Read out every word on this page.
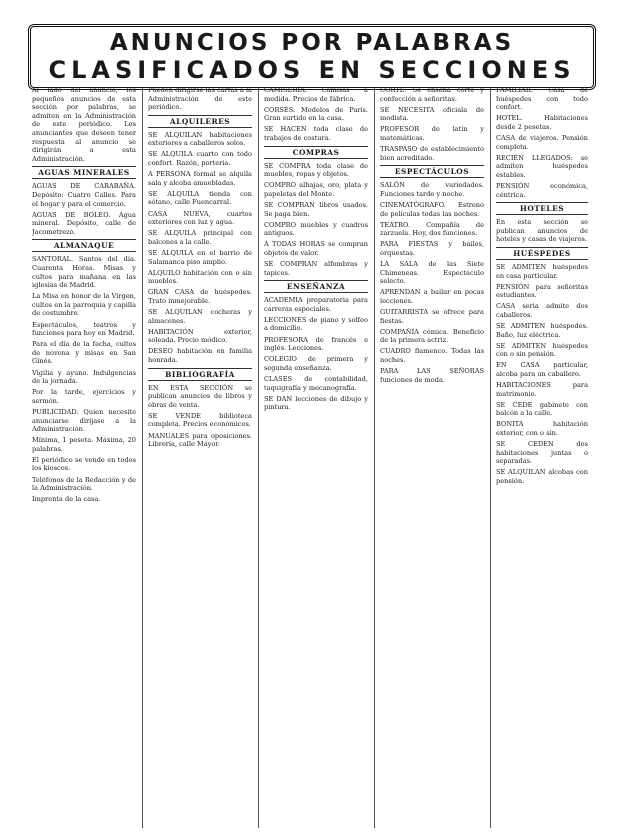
ANUNCIOS POR PALABRAS
CLASIFICADOS EN SECCIONES
Al lado del anuncio, los pequeños anuncios de esta sección por palabras, se admiten en la Administración de este periódico. Los anunciantes que deseen tener respuesta al anuncio se dirigirán a esta Administración.
AGUAS MINERALES
AGUAS DE CARABAÑA. Depósito: Cuatro Calles. Para el hogar y para el comercio.
AGUAS DE BOLEO. Agua mineral. Depósito, calle de Jacometrezo.
ALMANAQUE
SANTORAL. Santos del día. Cuarenta Horas. Misas y cultos para mañana en las iglesias de Madrid.
La Misa en honor de la Virgen, cultos en la parroquia y capilla de costumbre.
Espectáculos, teatros y funciones para hoy en Madrid.
Para el día de la fecha, cultos de novena y misas en San Ginés.
Vigilia y ayuno. Indulgencias de la jornada.
Por la tarde, ejercicios y sermón.
PUBLICIDAD. Quien necesite anunciarse diríjase a la Administración.
Mínima, 1 peseta. Máxima, 20 palabras.
El periódico se vende en todos los kioscos.
Teléfonos de la Redacción y de la Administración.
Imprenta de la casa.
Pueden dirigirse las cartas a la Administración de este periódico.
ALQUILERES
SE ALQUILAN habitaciones exteriores a caballeros solos.
SE ALQUILA cuarto con todo confort. Razón, portería.
A PERSONA formal se alquila sala y alcoba amuebladas.
SE ALQUILA tienda con sótano, calle Fuencarral.
CASA NUEVA, cuartos exteriores con luz y agua.
SE ALQUILA principal con balcones a la calle.
SE ALQUILA en el barrio de Salamanca piso amplio.
ALQUILO habitación con o sin muebles.
GRAN CASA de huéspedes. Trato inmejorable.
SE ALQUILAN cocheras y almacenes.
HABITACIÓN exterior, soleada. Precio módico.
DESEO habitación en familia honrada.
BIBLIOGRAFÍA
EN ESTA SECCIÓN se publican anuncios de libros y obras de venta.
SE VENDE biblioteca completa. Precios económicos.
MANUALES para oposiciones. Librería, calle Mayor.
CAMISERÍA. Camisas a medida. Precios de fábrica.
CORSÉS. Modelos de París. Gran surtido en la casa.
SE HACEN toda clase de trabajos de costura.
COMPRAS
SE COMPRA toda clase de muebles, ropas y objetos.
COMPRO alhajas, oro, plata y papeletas del Monte.
SE COMPRAN libros usados. Se paga bien.
COMPRO muebles y cuadros antiguos.
A TODAS HORAS se compran objetos de valor.
SE COMPRAN alfombras y tapices.
ENSEÑANZA
ACADEMIA preparatoria para carreras especiales.
LECCIONES de piano y solfeo a domicilio.
PROFESORA de francés e inglés. Lecciones.
COLEGIO de primera y segunda enseñanza.
CLASES de contabilidad, taquigrafía y mecanografía.
SE DAN lecciones de dibujo y pintura.
CORTE. Se enseña corte y confección a señoritas.
SE NECESITA oficiala de modista.
PROFESOR de latín y matemáticas.
TRASPASO de establecimiento bien acreditado.
ESPECTÁCULOS
SALÓN de variedades. Funciones tarde y noche.
CINEMATÓGRAFO. Estreno de películas todas las noches.
TEATRO. Compañía de zarzuela. Hoy, dos funciones.
PARA FIESTAS y bailes, orquestas.
LA SALA de las Siete Chimeneas. Espectáculo selecto.
APRENDAN a bailar en pocas lecciones.
GUITARRISTA se ofrece para fiestas.
COMPAÑÍA cómica. Beneficio de la primera actriz.
CUADRO flamenco. Todas las noches.
PARA LAS SEÑORAS funciones de moda.
FAMILIAR. Casa de huéspedes con todo confort.
HOTEL. Habitaciones desde 2 pesetas.
CASA de viajeros. Pensión completa.
RECIÉN LLEGADOS: se admiten huéspedes estables.
PENSIÓN económica, céntrica.
HOTELES
En esta sección se publican anuncios de hoteles y casas de viajeros.
HUÉSPEDES
SE ADMITEN huéspedes en casa particular.
PENSIÓN para señoritas estudiantes.
CASA seria admite dos caballeros.
SE ADMITEN huéspedes. Baño, luz eléctrica.
SE ADMITEN huéspedes con o sin pensión.
EN CASA particular, alcoba para un caballero.
HABITACIONES para matrimonio.
SE CEDE gabinete con balcón a la calle.
BONITA habitación exterior, con o sin.
SE CEDEN dos habitaciones juntas o separadas.
SE ALQUILAN alcobas con pensión.
